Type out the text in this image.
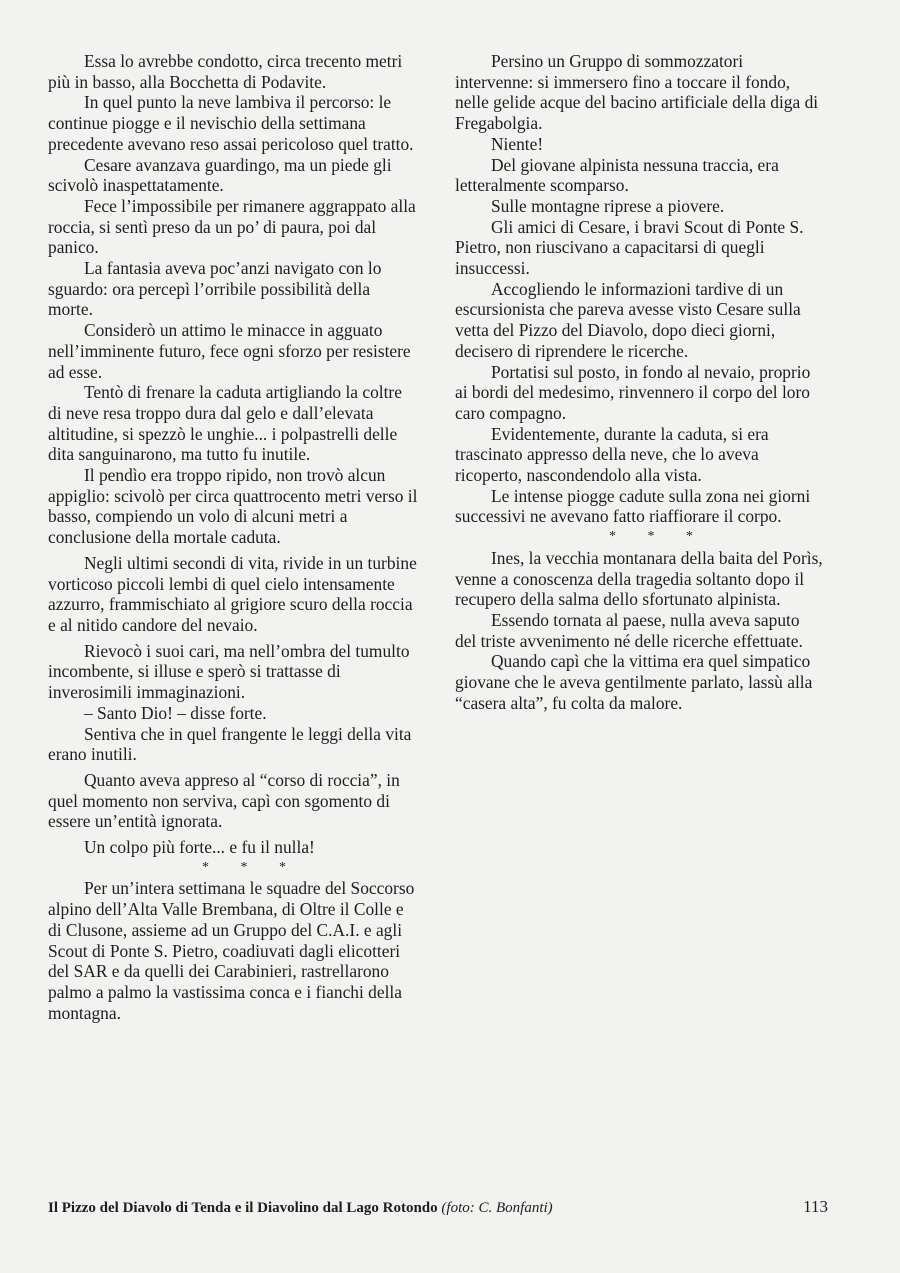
Essa lo avrebbe condotto, circa trecento metri più in basso, alla Bocchetta di Podavite.

In quel punto la neve lambiva il percorso: le continue piogge e il nevischio della settimana precedente avevano reso assai pericoloso quel tratto.

Cesare avanzava guardingo, ma un piede gli scivolò inaspettatamente.

Fece l’impossibile per rimanere aggrappato alla roccia, si sentì preso da un po’ di paura, poi dal panico.

La fantasia aveva poc’anzi navigato con lo sguardo: ora percepì l’orribile possibilità della morte.

Considerò un attimo le minacce in agguato nell’imminente futuro, fece ogni sforzo per resistere ad esse.

Tentò di frenare la caduta artigliando la coltre di neve resa troppo dura dal gelo e dall’elevata altitudine, si spezzò le unghie... i polpastrelli delle dita sanguinarono, ma tutto fu inutile.

Il pendìo era troppo ripido, non trovò alcun appiglio: scivolò per circa quattrocento metri verso il basso, compiendo un volo di alcuni metri a conclusione della mortale caduta.

Negli ultimi secondi di vita, rivide in un turbine vorticoso piccoli lembi di quel cielo intensamente azzurro, frammischiato al grigiore scuro della roccia e al nitido candore del nevaio.

Rievocò i suoi cari, ma nell’ombra del tumulto incombente, si illuse e sperò si trattasse di inverosimili immaginazioni.

– Santo Dio! – disse forte.

Sentiva che in quel frangente le leggi della vita erano inutili.

Quanto aveva appreso al “corso di roccia”, in quel momento non serviva, capì con sgomento di essere un’entità ignorata.

Un colpo più forte... e fu il nulla!

* * *

Per un’intera settimana le squadre del Soccorso alpino dell’Alta Valle Brembana, di Oltre il Colle e di Clusone, assieme ad un Gruppo del C.A.I. e agli Scout di Ponte S. Pietro, coadiuvati dagli elicotteri del SAR e da quelli dei Carabinieri, rastrellarono palmo a palmo la vastissima conca e i fianchi della montagna.

Persino un Gruppo di sommozzatori intervenne: si immersero fino a toccare il fondo, nelle gelide acque del bacino artificiale della diga di Fregabolgia.

Niente!

Del giovane alpinista nessuna traccia, era letteralmente scomparso.

Sulle montagne riprese a piovere.

Gli amici di Cesare, i bravi Scout di Ponte S. Pietro, non riuscivano a capacitarsi di quegli insuccessi.

Accogliendo le informazioni tardive di un escursionista che pareva avesse visto Cesare sulla vetta del Pizzo del Diavolo, dopo dieci giorni, decisero di riprendere le ricerche.

Portatisi sul posto, in fondo al nevaio, proprio ai bordi del medesimo, rinvennero il corpo del loro caro compagno.

Evidentemente, durante la caduta, si era trascinato appresso della neve, che lo aveva ricoperto, nascondendolo alla vista.

Le intense piogge cadute sulla zona nei giorni successivi ne avevano fatto riaffiorare il corpo.

* * *

Ines, la vecchia montanara della baita del Porìs, venne a conoscenza della tragedia soltanto dopo il recupero della salma dello sfortunato alpinista.

Essendo tornata al paese, nulla aveva saputo del triste avvenimento né delle ricerche effettuate.

Quando capì che la vittima era quel simpatico giovane che le aveva gentilmente parlato, lassù alla “casera alta”, fu colta da malore.

Il Pizzo del Diavolo di Tenda e il Diavolino dal Lago Rotondo (foto: C. Bonfanti)	113
